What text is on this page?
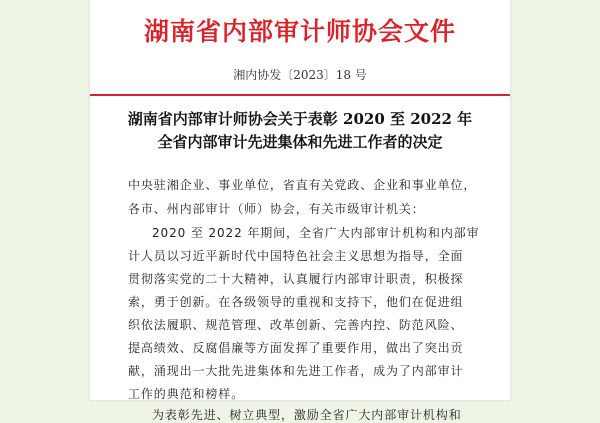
湖南省内部审计师协会文件
湘内协发〔2023〕18 号
湖南省内部审计师协会关于表彰 2020 至 2022 年
全省内部审计先进集体和先进工作者的决定
中央驻湘企业、事业单位，省直有关党政、企业和事业单位，
各市、州内部审计（师）协会，有关市级审计机关：
2020 至 2022 年期间，全省广大内部审计机构和内部审
计人员以习近平新时代中国特色社会主义思想为指导，全面
贯彻落实党的二十大精神，认真履行内部审计职责，积极探
索，勇于创新。在各级领导的重视和支持下，他们在促进组
织依法履职、规范管理、改革创新、完善内控、防范风险、
提高绩效、反腐倡廉等方面发挥了重要作用，做出了突出贡
献，涌现出一大批先进集体和先进工作者，成为了内部审计
工作的典范和榜样。
为表彰先进、树立典型，激励全省广大内部审计机构和
